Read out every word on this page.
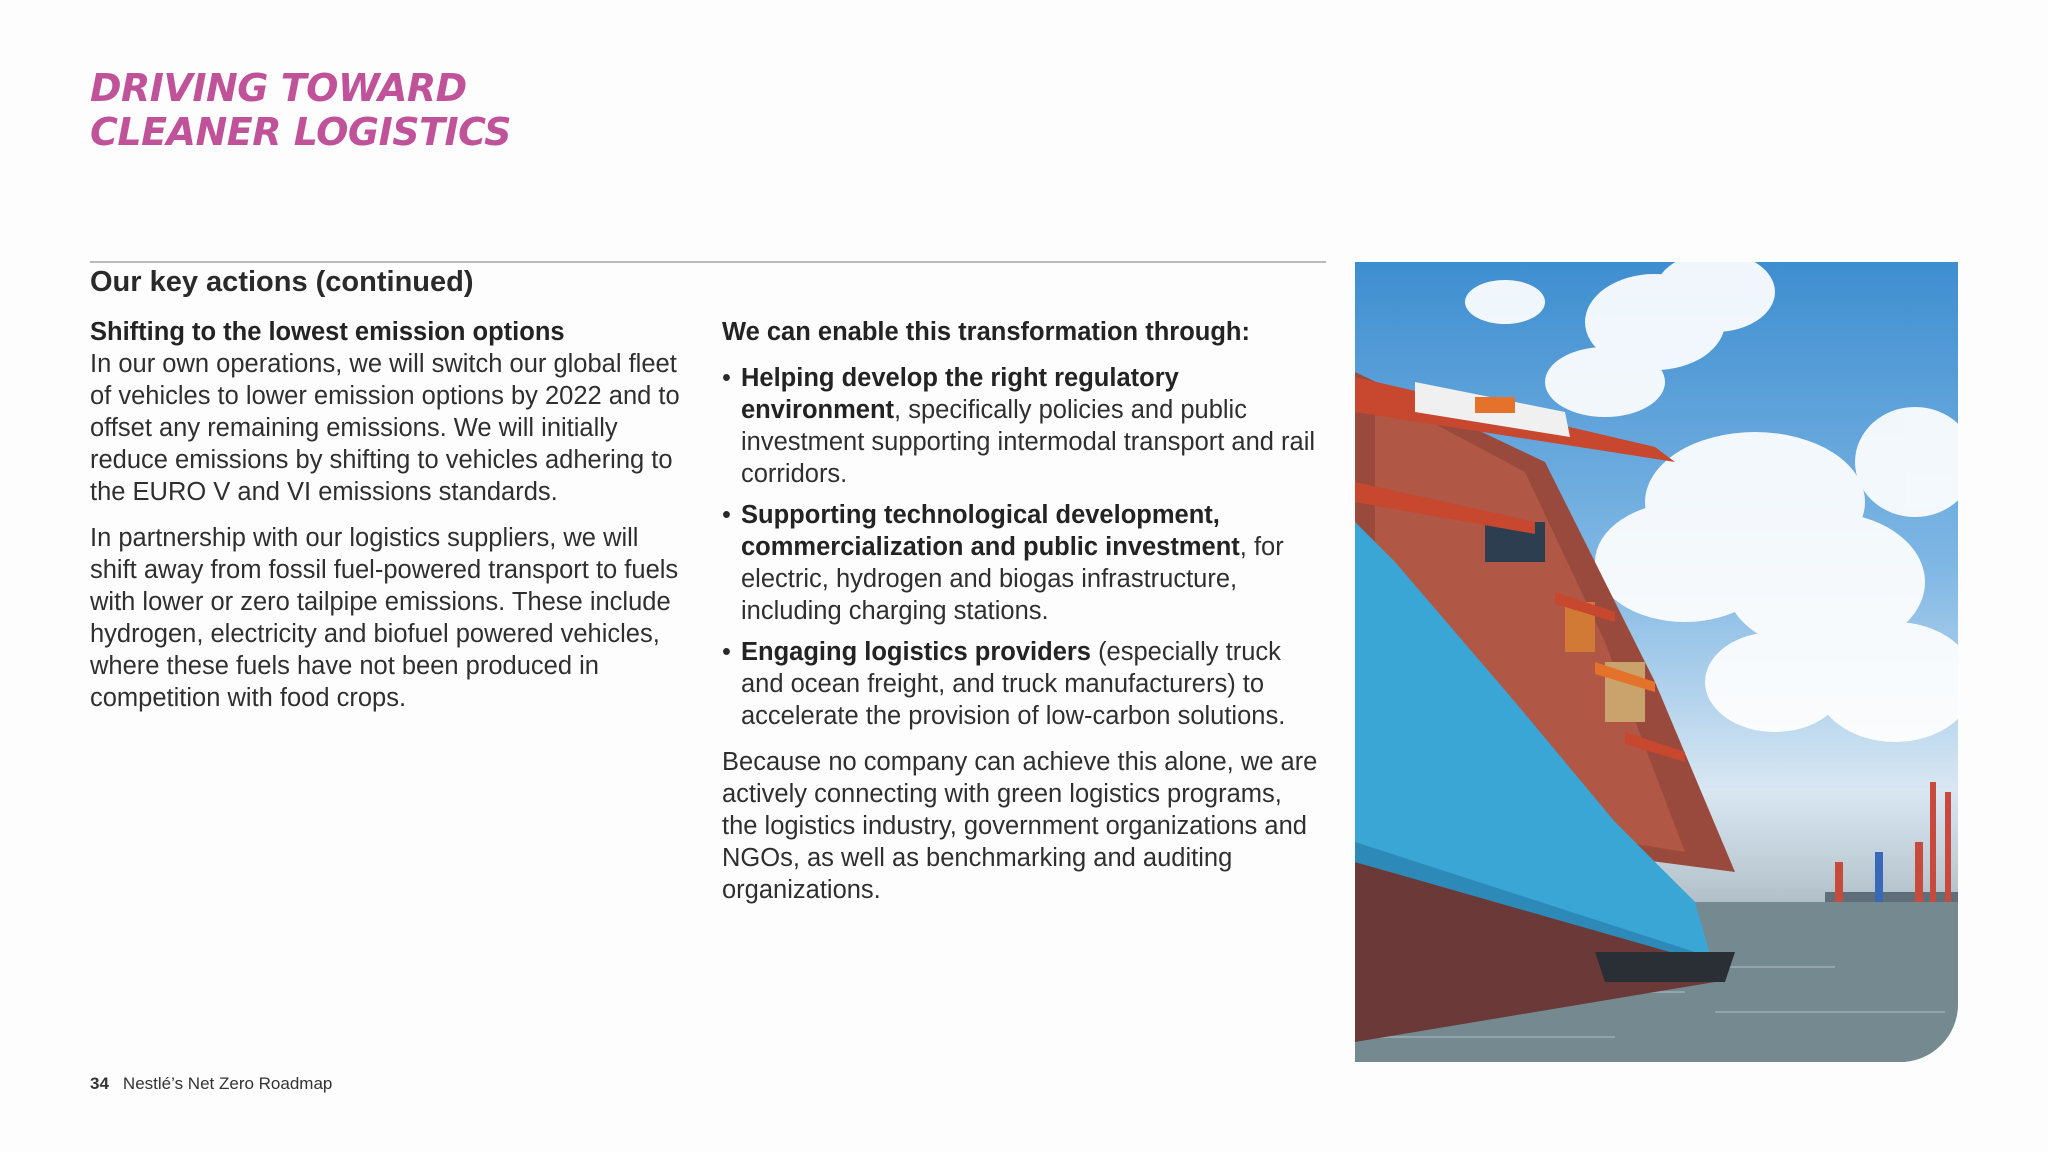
DRIVING TOWARD
CLEANER LOGISTICS
Our key actions (continued)

Shifting to the lowest emission options
In our own operations, we will switch our global fleet of vehicles to lower emission options by 2022 and to offset any remaining emissions. We will initially reduce emissions by shifting to vehicles adhering to the EURO V and VI emissions standards.

In partnership with our logistics suppliers, we will shift away from fossil fuel-powered transport to fuels with lower or zero tailpipe emissions. These include hydrogen, electricity and biofuel powered vehicles, where these fuels have not been produced in competition with food crops.

We can enable this transformation through:

• Helping develop the right regulatory environment, specifically policies and public investment supporting intermodal transport and rail corridors.
• Supporting technological development, commercialization and public investment, for electric, hydrogen and biogas infrastructure, including charging stations.
• Engaging logistics providers (especially truck and ocean freight, and truck manufacturers) to accelerate the provision of low-carbon solutions.

Because no company can achieve this alone, we are actively connecting with green logistics programs, the logistics industry, government organizations and NGOs, as well as benchmarking and auditing organizations.

34 Nestlé’s Net Zero Roadmap
